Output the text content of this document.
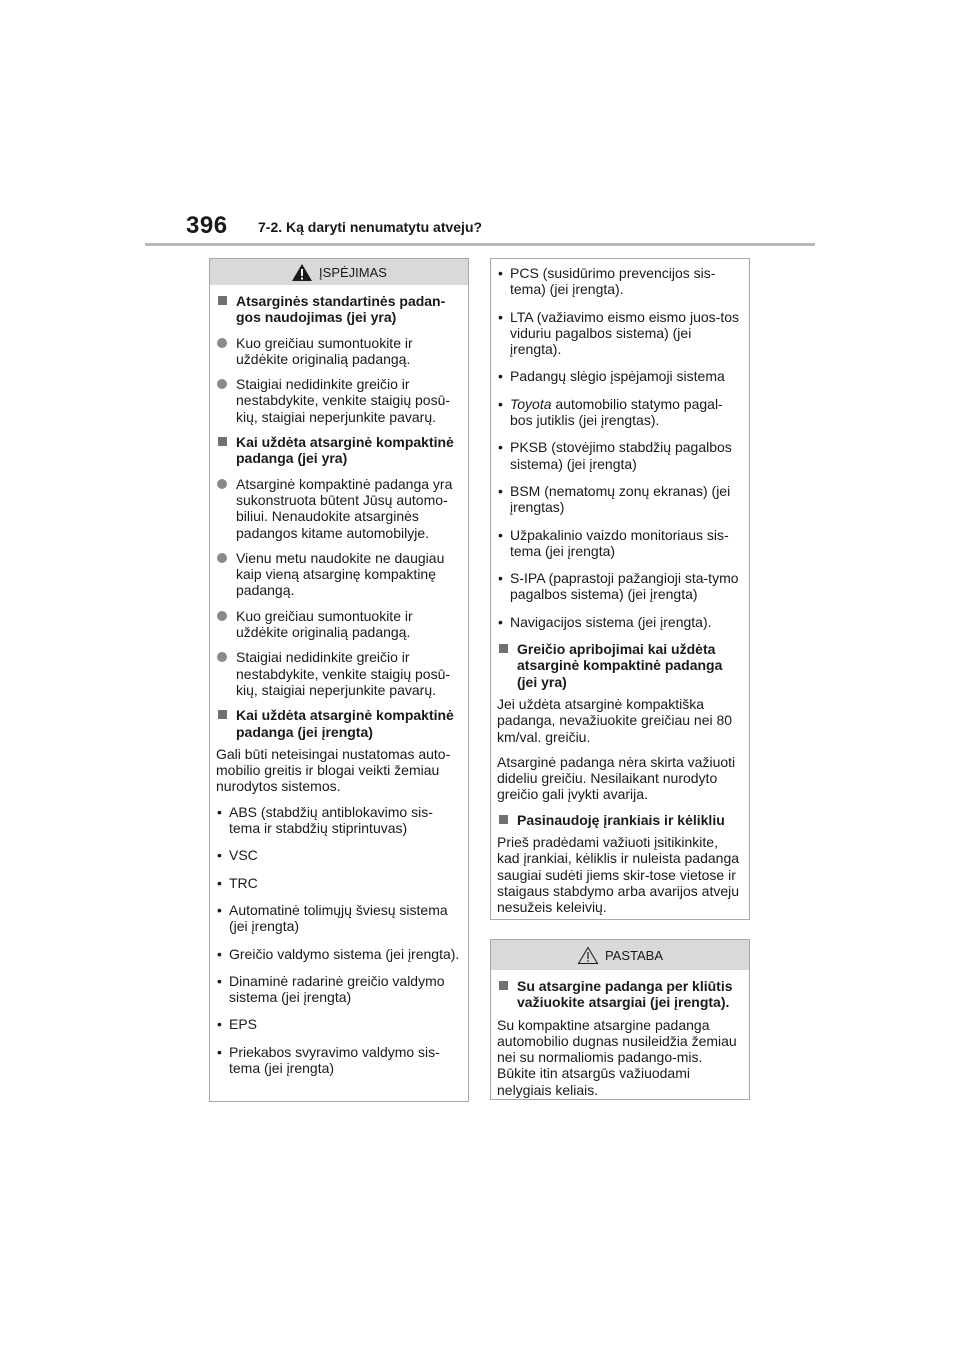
396 7-2. Ką daryti nenumatytu atveju?
ĮSPĖJIMAS
Atsarginės standartinės padan-gos naudojimas (jei yra)
Kuo greičiau sumontuokite ir uždėkite originalią padangą.
Staigiai nedidinkite greičio ir nestabdykite, venkite staigių posū-kių, staigiai neperjunkite pavarų.
Kai uždėta atsarginė kompaktinė padanga (jei yra)
Atsarginė kompaktinė padanga yra sukonstruota būtent Jūsų automo-biliui. Nenaudokite atsarginės padangos kitame automobilyje.
Vienu metu naudokite ne daugiau kaip vieną atsarginę kompaktinę padangą.
Kuo greičiau sumontuokite ir uždėkite originalią padangą.
Staigiai nedidinkite greičio ir nestabdykite, venkite staigių posū-kių, staigiai neperjunkite pavarų.
Kai uždėta atsarginė kompaktinė padanga (jei įrengta)
Gali būti neteisingai nustatomas auto-mobilio greitis ir blogai veikti žemiau nurodytos sistemos.
• ABS (stabdžių antiblokavimo sis-tema ir stabdžių stiprintuvas)
• VSC
• TRC
• Automatinė tolimųjų šviesų sistema (jei įrengta)
• Greičio valdymo sistema (jei įrengta).
• Dinaminė radarinė greičio valdymo sistema (jei įrengta)
• EPS
• Priekabos svyravimo valdymo sis-tema (jei įrengta)
• PCS (susidūrimo prevencijos sis-tema) (jei įrengta).
• LTA (važiavimo eismo eismo juos-tos viduriu pagalbos sistema) (jei įrengta).
• Padangų slėgio įspėjamoji sistema
• Toyota automobilio statymo pagal-bos jutiklis (jei įrengtas).
• PKSB (stovėjimo stabdžių pagalbos sistema) (jei įrengta)
• BSM (nematomų zonų ekranas) (jei įrengtas)
• Užpakalinio vaizdo monitoriaus sis-tema (jei įrengta)
• S-IPA (paprastoji pažangioji sta-tymo pagalbos sistema) (jei įrengta)
• Navigacijos sistema (jei įrengta).
Greičio apribojimai kai uždėta atsarginė kompaktinė padanga (jei yra)
Jei uždėta atsarginė kompaktiška padanga, nevažiuokite greičiau nei 80 km/val. greičiu.
Atsarginė padanga nėra skirta važiuoti dideliu greičiu. Nesilaikant nurodyto greičio gali įvykti avarija.
Pasinaudoję įrankiais ir kėlikliu
Prieš pradėdami važiuoti įsitikinkite, kad įrankiai, kėliklis ir nuleista padanga saugiai sudėti jiems skir-tose vietose ir staigaus stabdymo arba avarijos atveju nesužeis keleivių.
PASTABA
Su atsargine padanga per kliūtis važiuokite atsargiai (jei įrengta).
Su kompaktine atsargine padanga automobilio dugnas nusileidžia žemiau nei su normaliomis padango-mis. Būkite itin atsargūs važiuodami nelygiais keliais.
